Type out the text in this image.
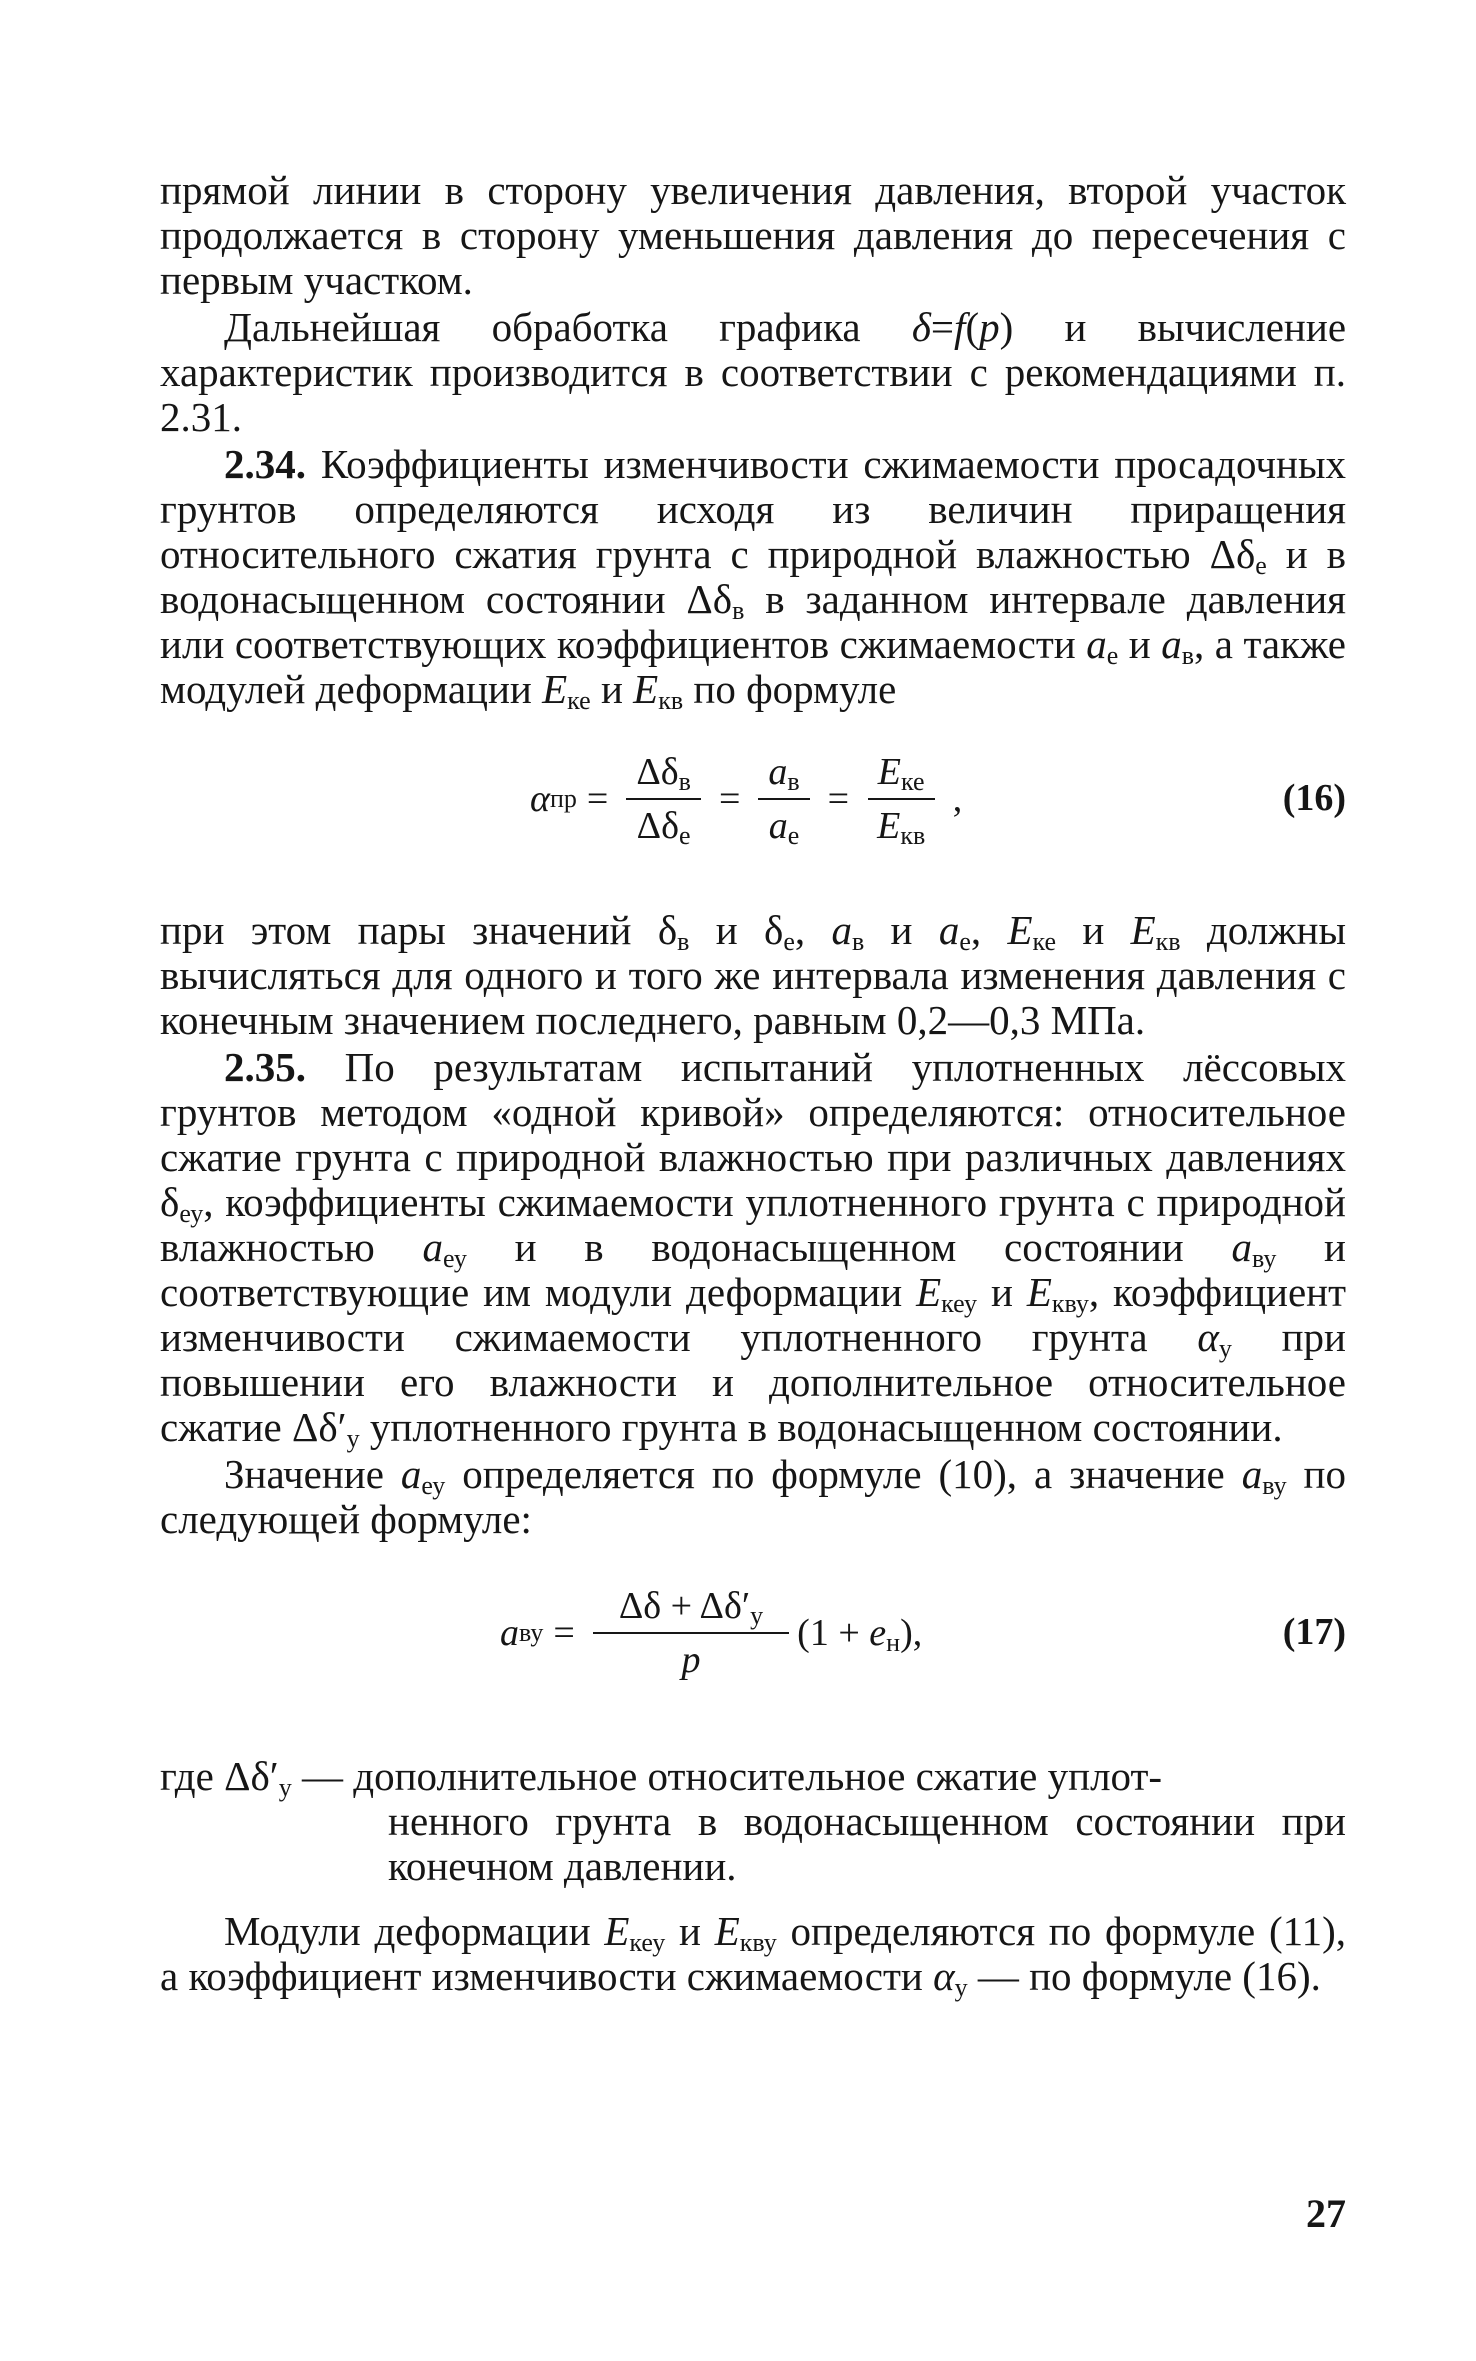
прямой линии в сторону увеличения давления, второй участок продолжается в сторону уменьшения давления до пересечения с первым участком.

Дальнейшая обработка графика δ=f(p) и вычисление характеристик производится в соответствии с рекомендациями п. 2.31.

2.34. Коэффициенты изменчивости сжимаемости просадочных грунтов определяются исходя из величин приращения относительного сжатия грунта с природной влажностью $\Delta\delta_е$ и в водонасыщенном состоянии $\Delta\delta_в$ в заданном интервале давления или соответствующих коэффициентов сжимаемости $a_е$ и $a_в$, а также модулей деформации $E_{ке}$ и $E_{кв}$ по формуле

α пр = $\frac{\Delta\delta_в}{\Delta\delta_е} = \frac{a_в}{a_е} = \frac{E_{ке}}{E_{кв}}$ ,	(16)

при этом пары значений $\delta_в$ и $\delta_е$, $a_в$ и $a_е$, $E_{ке}$ и $E_{кв}$ должны вычисляться для одного и того же интервала изменения давления с конечным значением последнего, равным 0,2—0,3 МПа.

2.35. По результатам испытаний уплотненных лёссовых грунтов методом «одной кривой» определяются: относительное сжатие грунта с природной влажностью при различных давлениях $\delta_{еу}$, коэффициенты сжимаемости уплотненного грунта с природной влажностью $a_{еу}$ и в водонасыщенном состоянии $a_{ву}$ и соответствующие им модули деформации $E_{кеу}$ и $E_{кву}$, коэффициент изменчивости сжимаемости уплотненного грунта $\alpha_у$ при повышении его влажности и дополнительное относительное сжатие $\Delta\delta'_у$ уплотненного грунта в водонасыщенном состоянии.

Значение $a_{еу}$ определяется по формуле (10), а значение $a_{ву}$ по следующей формуле:

a ву = $\frac{\Delta\delta + \Delta\delta'_у}{p} (1 + e_н)$,	(17)

где $\Delta\delta'_у$ — дополнительное относительное сжатие уплот-

ненного грунта в водонасыщенном состоянии при конечном давлении.

Модули деформации $E_{кеу}$ и $E_{кву}$ определяются по формуле (11), а коэффициент изменчивости сжимаемости $\alpha_у$ — по формуле (16).

27
